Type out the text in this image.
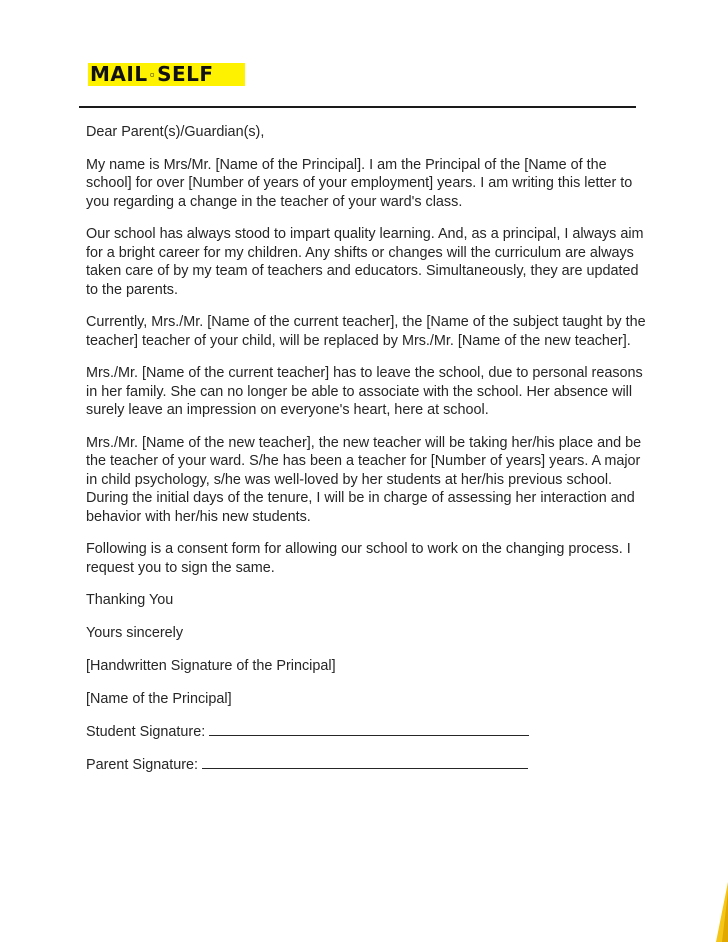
MAIL◦SELF

Dear Parent(s)/Guardian(s),

My name is Mrs/Mr. [Name of the Principal]. I am the Principal of the [Name of the school] for over [Number of years of your employment] years. I am writing this letter to you regarding a change in the teacher of your ward's class.

Our school has always stood to impart quality learning. And, as a principal, I always aim for a bright career for my children. Any shifts or changes will the curriculum are always taken care of by my team of teachers and educators. Simultaneously, they are updated to the parents.

Currently, Mrs./Mr. [Name of the current teacher], the [Name of the subject taught by the teacher] teacher of your child, will be replaced by Mrs./Mr. [Name of the new teacher].

Mrs./Mr. [Name of the current teacher] has to leave the school, due to personal reasons in her family. She can no longer be able to associate with the school. Her absence will surely leave an impression on everyone's heart, here at school.

Mrs./Mr. [Name of the new teacher], the new teacher will be taking her/his place and be the teacher of your ward. S/he has been a teacher for [Number of years] years. A major in child psychology, s/he was well-loved by her students at her/his previous school. During the initial days of the tenure, I will be in charge of assessing her interaction and behavior with her/his new students.

Following is a consent form for allowing our school to work on the changing process. I request you to sign the same.

Thanking You

Yours sincerely

[Handwritten Signature of the Principal]

[Name of the Principal]

Student Signature:

Parent Signature:
